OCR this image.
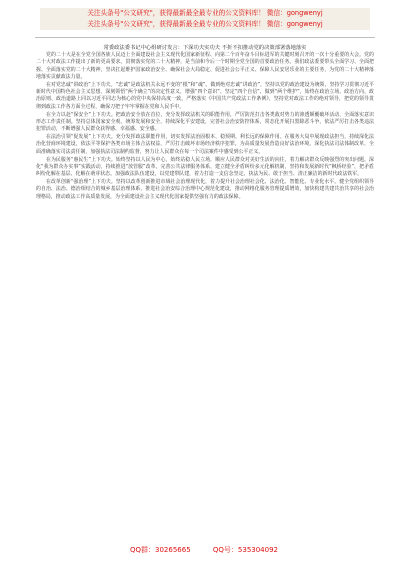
关注头条号"公文研究"，获得最新最全最专业的公文资料库！ 微信：gongwenyj
关注头条号"公文研究"，获得最新最全最专业的公文资料库！ 微信：gongwenyj
常委政法委书记中心组研讨发言：下深功夫实功夫 不折不扣推动党的决策部署落地落实

党的二十大是在全党全国各族人民迈上全面建设社会主义现代化国家新征程、向第二个百年奋斗目标进军的关键时刻召开的一次十分重要的大会。党的二十大对政法工作提出了新的更高要求。贯彻落实党的二十大精神，是当前和今后一个时期全党全国的首要政治任务。我们政法委要带头全面学习、全面把握、全面落实党的二十大精神，坚决扛起维护国家政治安全、确保社会大局稳定、促进社会公平正义、保障人民安居乐业的主要任务，为党的二十大精神落地落实贡献政法力量。

在对党忠诚“讲政治”上下功夫。“忠诚”是政法机关永远不变的“根”和“魂”。做到绝对忠诚“讲政治”，坚持以党的政治建设为统领，坚持学习贯彻习近平新时代中国特色社会主义思想，深刻领悟“两个确立”的决定性意义，增强“四个意识”、坚定“四个自信”、做到“两个维护”，始终在政治立场、政治方向、政治原则、政治道路上同以习近平同志为核心的党中央保持高度一致。严格落实《中国共产党政法工作条例》，坚持党对政法工作的绝对领导，把党的领导贯彻到政法工作各方面全过程，确保刀把子牢牢掌握在党和人民手中。

在全力以赴“保安全”上下功夫。把政治安全放在首位，充分发挥政法机关的职能作用，严厉防范打击各类敌对势力的渗透颠覆破坏活动，全面落实意识形态工作责任制。坚持总体国家安全观，统筹发展和安全，持续深化平安建设，完善社会治安防控体系，常态化开展扫黑除恶斗争，依法严厉打击各类违法犯罪活动，不断增强人民群众获得感、幸福感、安全感。

在法治引领“促发展”上下功夫。充分发挥政法职能作用，切实发挥法治固根本、稳预期、利长远的保障作用。在服务大局中展现政法担当，持续深化法治化营商环境建设，依法平等保护各类市场主体合法权益，严厉打击破坏市场经济秩序犯罪，为高质量发展营造良好法治环境。深化执法司法体制改革，全面准确落实司法责任制，加强执法司法制约监督，努力让人民群众在每一个司法案件中感受到公平正义。

在为民服务“惠民生”上下功夫。始终坚持以人民为中心，始终站稳人民立场，顺应人民群众对美好生活的向往，着力解决群众反映强烈的突出问题。深化“我为群众办实事”实践活动，持续推进“放管服”改革，完善公共法律服务体系，建立健全矛盾纠纷多元化解机制，坚持和发展新时代“枫桥经验”，把矛盾纠纷化解在基层、化解在萌芽状态。加强政法队伍建设，以党建带队建，着力打造一支信念坚定、执法为民、敢于担当、清正廉洁的新时代政法铁军。

在改革创新“强治理”上下功夫。坚持以改革创新推进市域社会治理现代化，着力提升社会治理社会化、法治化、智能化、专业化水平。健全党组织领导的自治、法治、德治相结合的城乡基层治理体系，推进社会治安综合治理中心规范化建设，推动网格化服务管理提质增效，加快构建共建共治共享的社会治理格局，推动政法工作高质量发展，为全面建设社会主义现代化国家提供坚强有力的政法保障。

QQ群：30265665	QQ号：535304092
